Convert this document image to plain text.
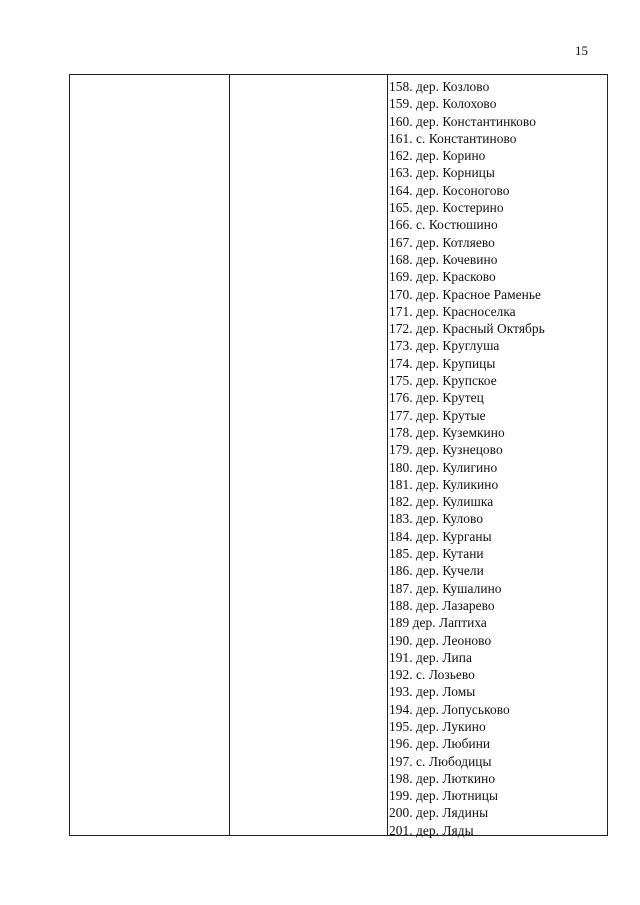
15
158. дер. Козлово
159. дер. Колохово
160. дер. Константинково
161. с. Константиново
162. дер. Корино
163. дер. Корницы
164. дер. Косоногово
165. дер. Костерино
166. с. Костюшино
167. дер. Котляево
168. дер. Кочевино
169. дер. Красково
170. дер. Красное Раменье
171. дер. Красноселка
172. дер. Красный Октябрь
173. дер. Круглуша
174. дер. Крупицы
175. дер. Крупское
176. дер. Крутец
177. дер. Крутые
178. дер. Куземкино
179. дер. Кузнецово
180. дер. Кулигино
181. дер. Куликино
182. дер. Кулишка
183. дер. Кулово
184. дер. Курганы
185. дер. Кутани
186. дер. Кучели
187. дер. Кушалино
188. дер. Лазарево
189 дер. Лаптиха
190. дер. Леоново
191. дер. Липа
192. с. Лозьево
193. дер. Ломы
194. дер. Лопуськово
195. дер. Лукино
196. дер. Любини
197. с. Любодицы
198. дер. Люткино
199. дер. Лютницы
200. дер. Лядины
201. дер. Ляды
